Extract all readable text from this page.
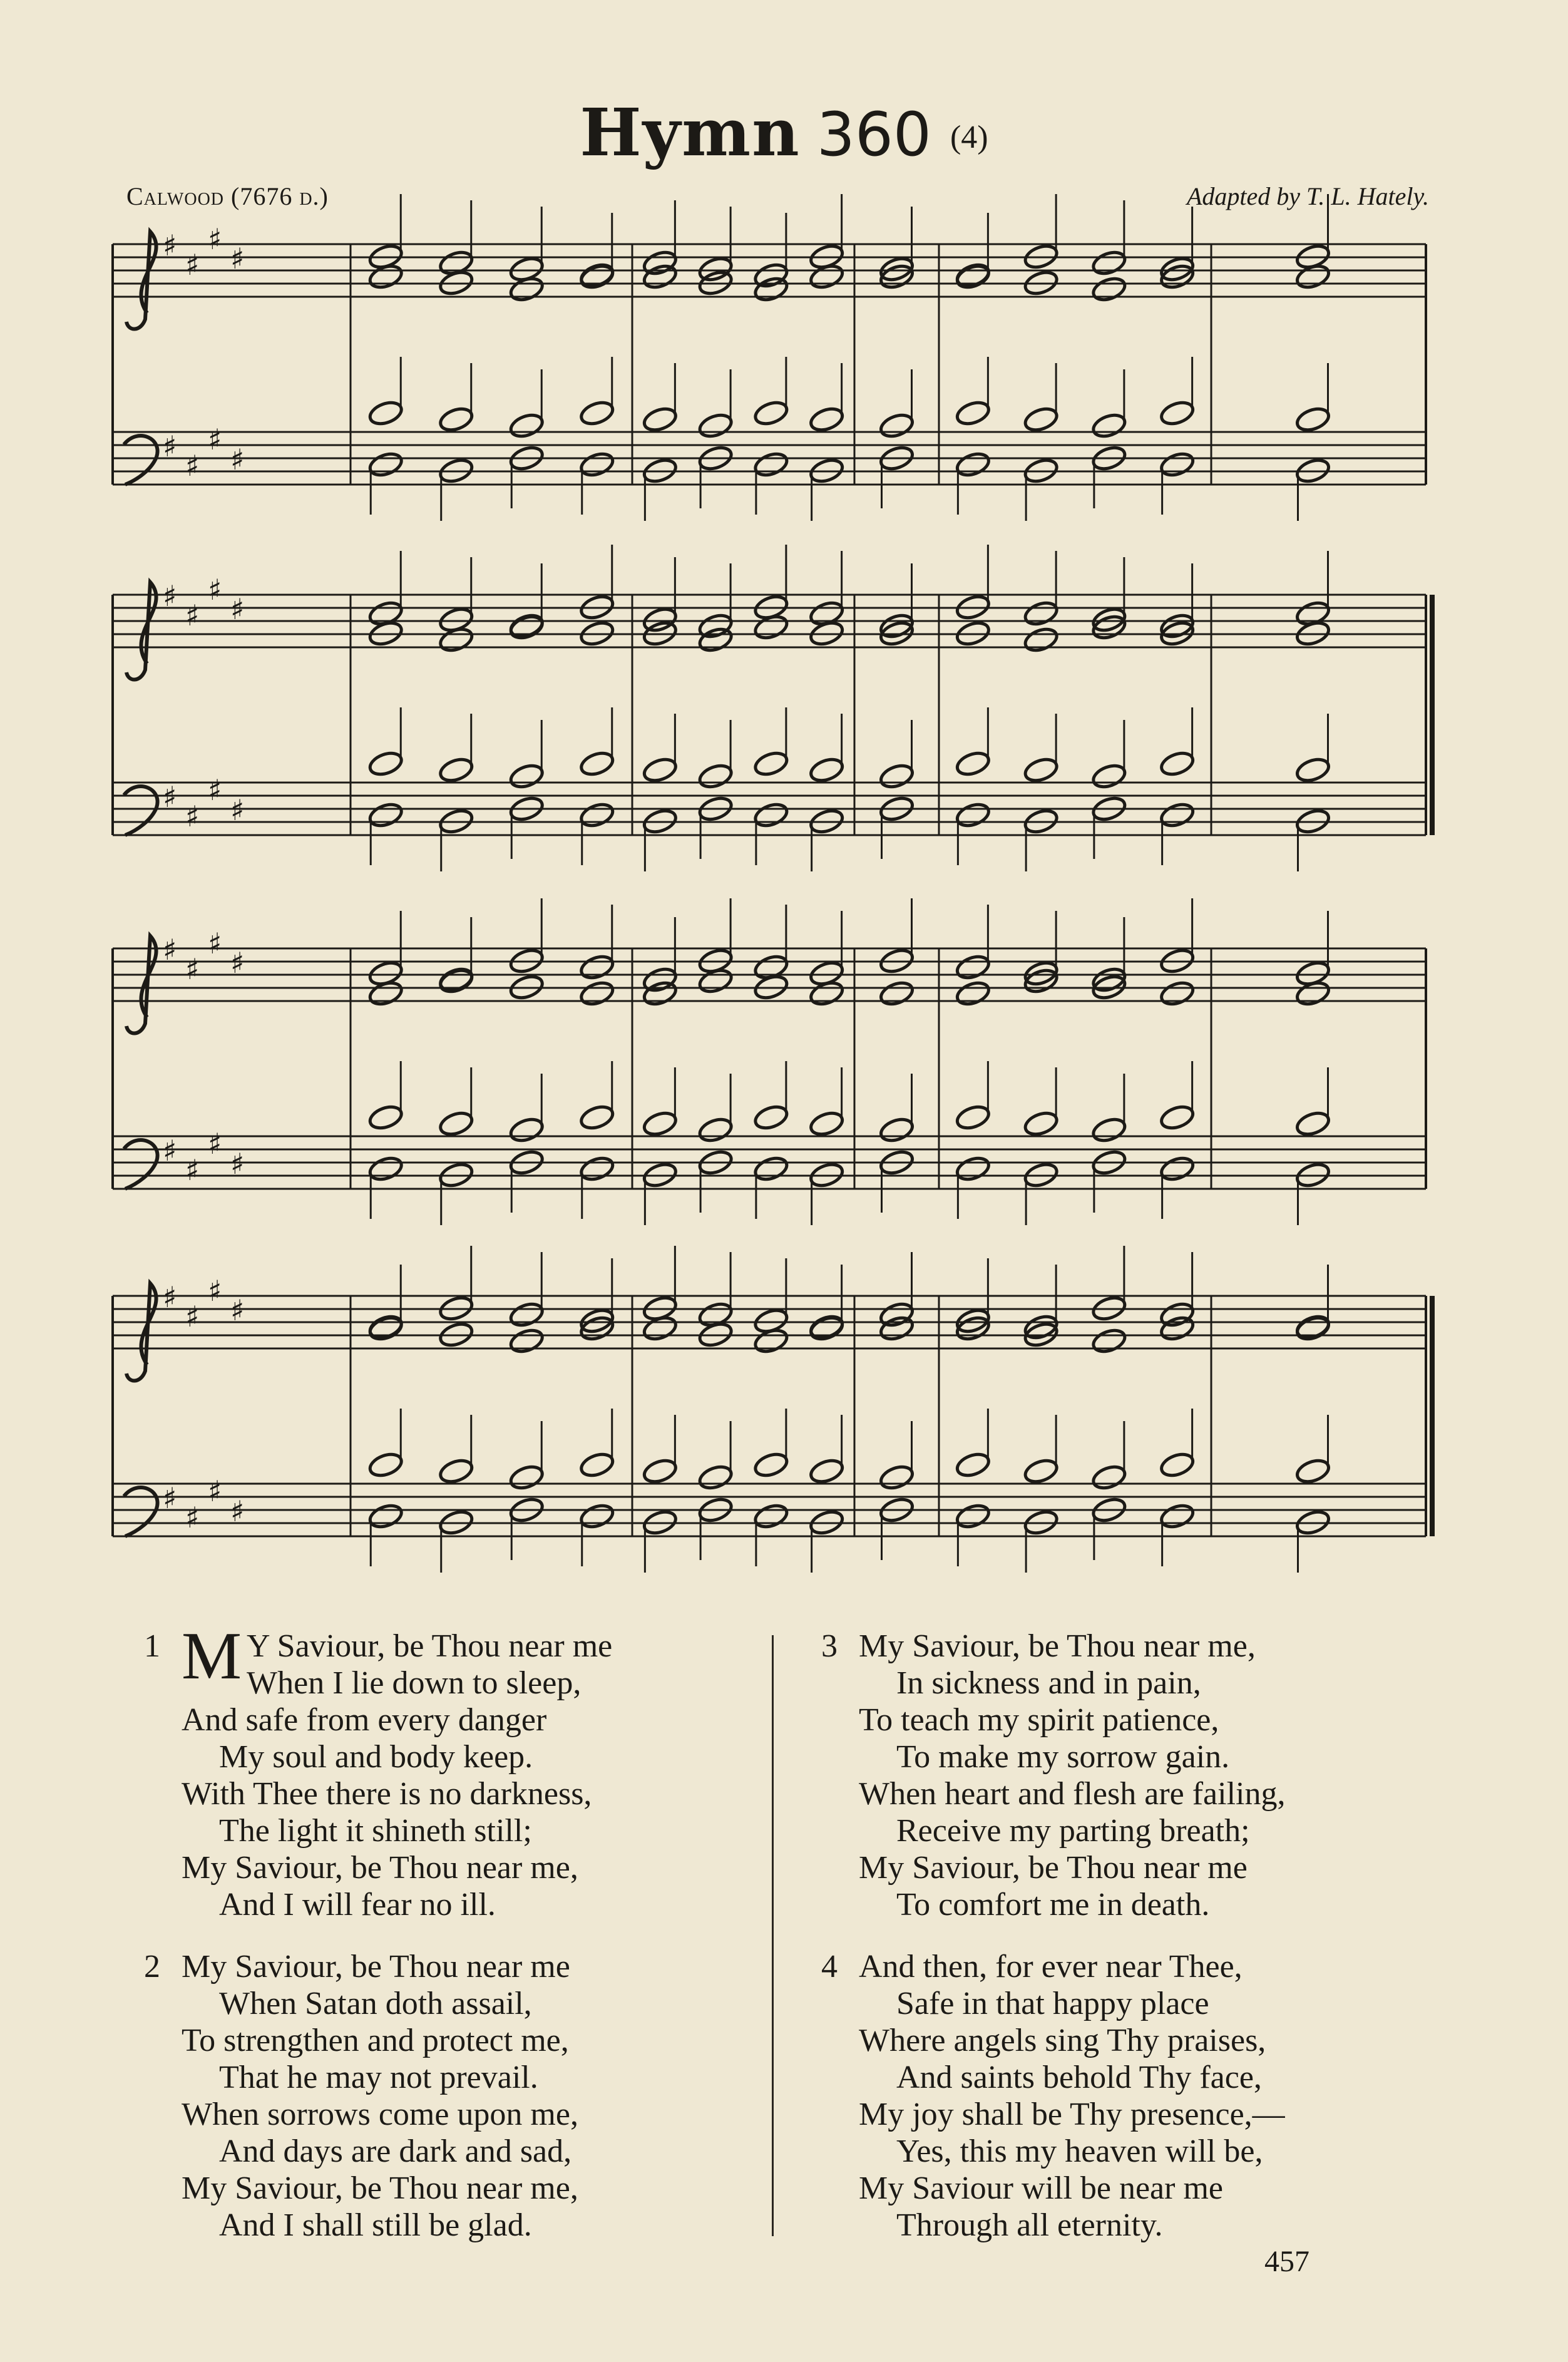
Hymn 360 (4)
Calwood (7676 d.)	Adapted by T. L. Hately.
♯
♯
♯
♯
♯
♯
♯
♯
♯
♯
♯
♯
♯
♯
♯
♯
♯
♯
♯
♯
♯
♯
♯
♯
♯
♯
♯
♯
♯
♯
♯
♯
1 M Y Saviour, be Thou near me
When I lie down to sleep,
And safe from every danger
My soul and body keep.
With Thee there is no darkness,
The light it shineth still;
My Saviour, be Thou near me,
And I will fear no ill.
2 My Saviour, be Thou near me
When Satan doth assail,
To strengthen and protect me,
That he may not prevail.
When sorrows come upon me,
And days are dark and sad,
My Saviour, be Thou near me,
And I shall still be glad.
3 My Saviour, be Thou near me,
In sickness and in pain,
To teach my spirit patience,
To make my sorrow gain.
When heart and flesh are failing,
Receive my parting breath;
My Saviour, be Thou near me
To comfort me in death.
4 And then, for ever near Thee,
Safe in that happy place
Where angels sing Thy praises,
And saints behold Thy face,
My joy shall be Thy presence,—
Yes, this my heaven will be,
My Saviour will be near me
Through all eternity.
457
